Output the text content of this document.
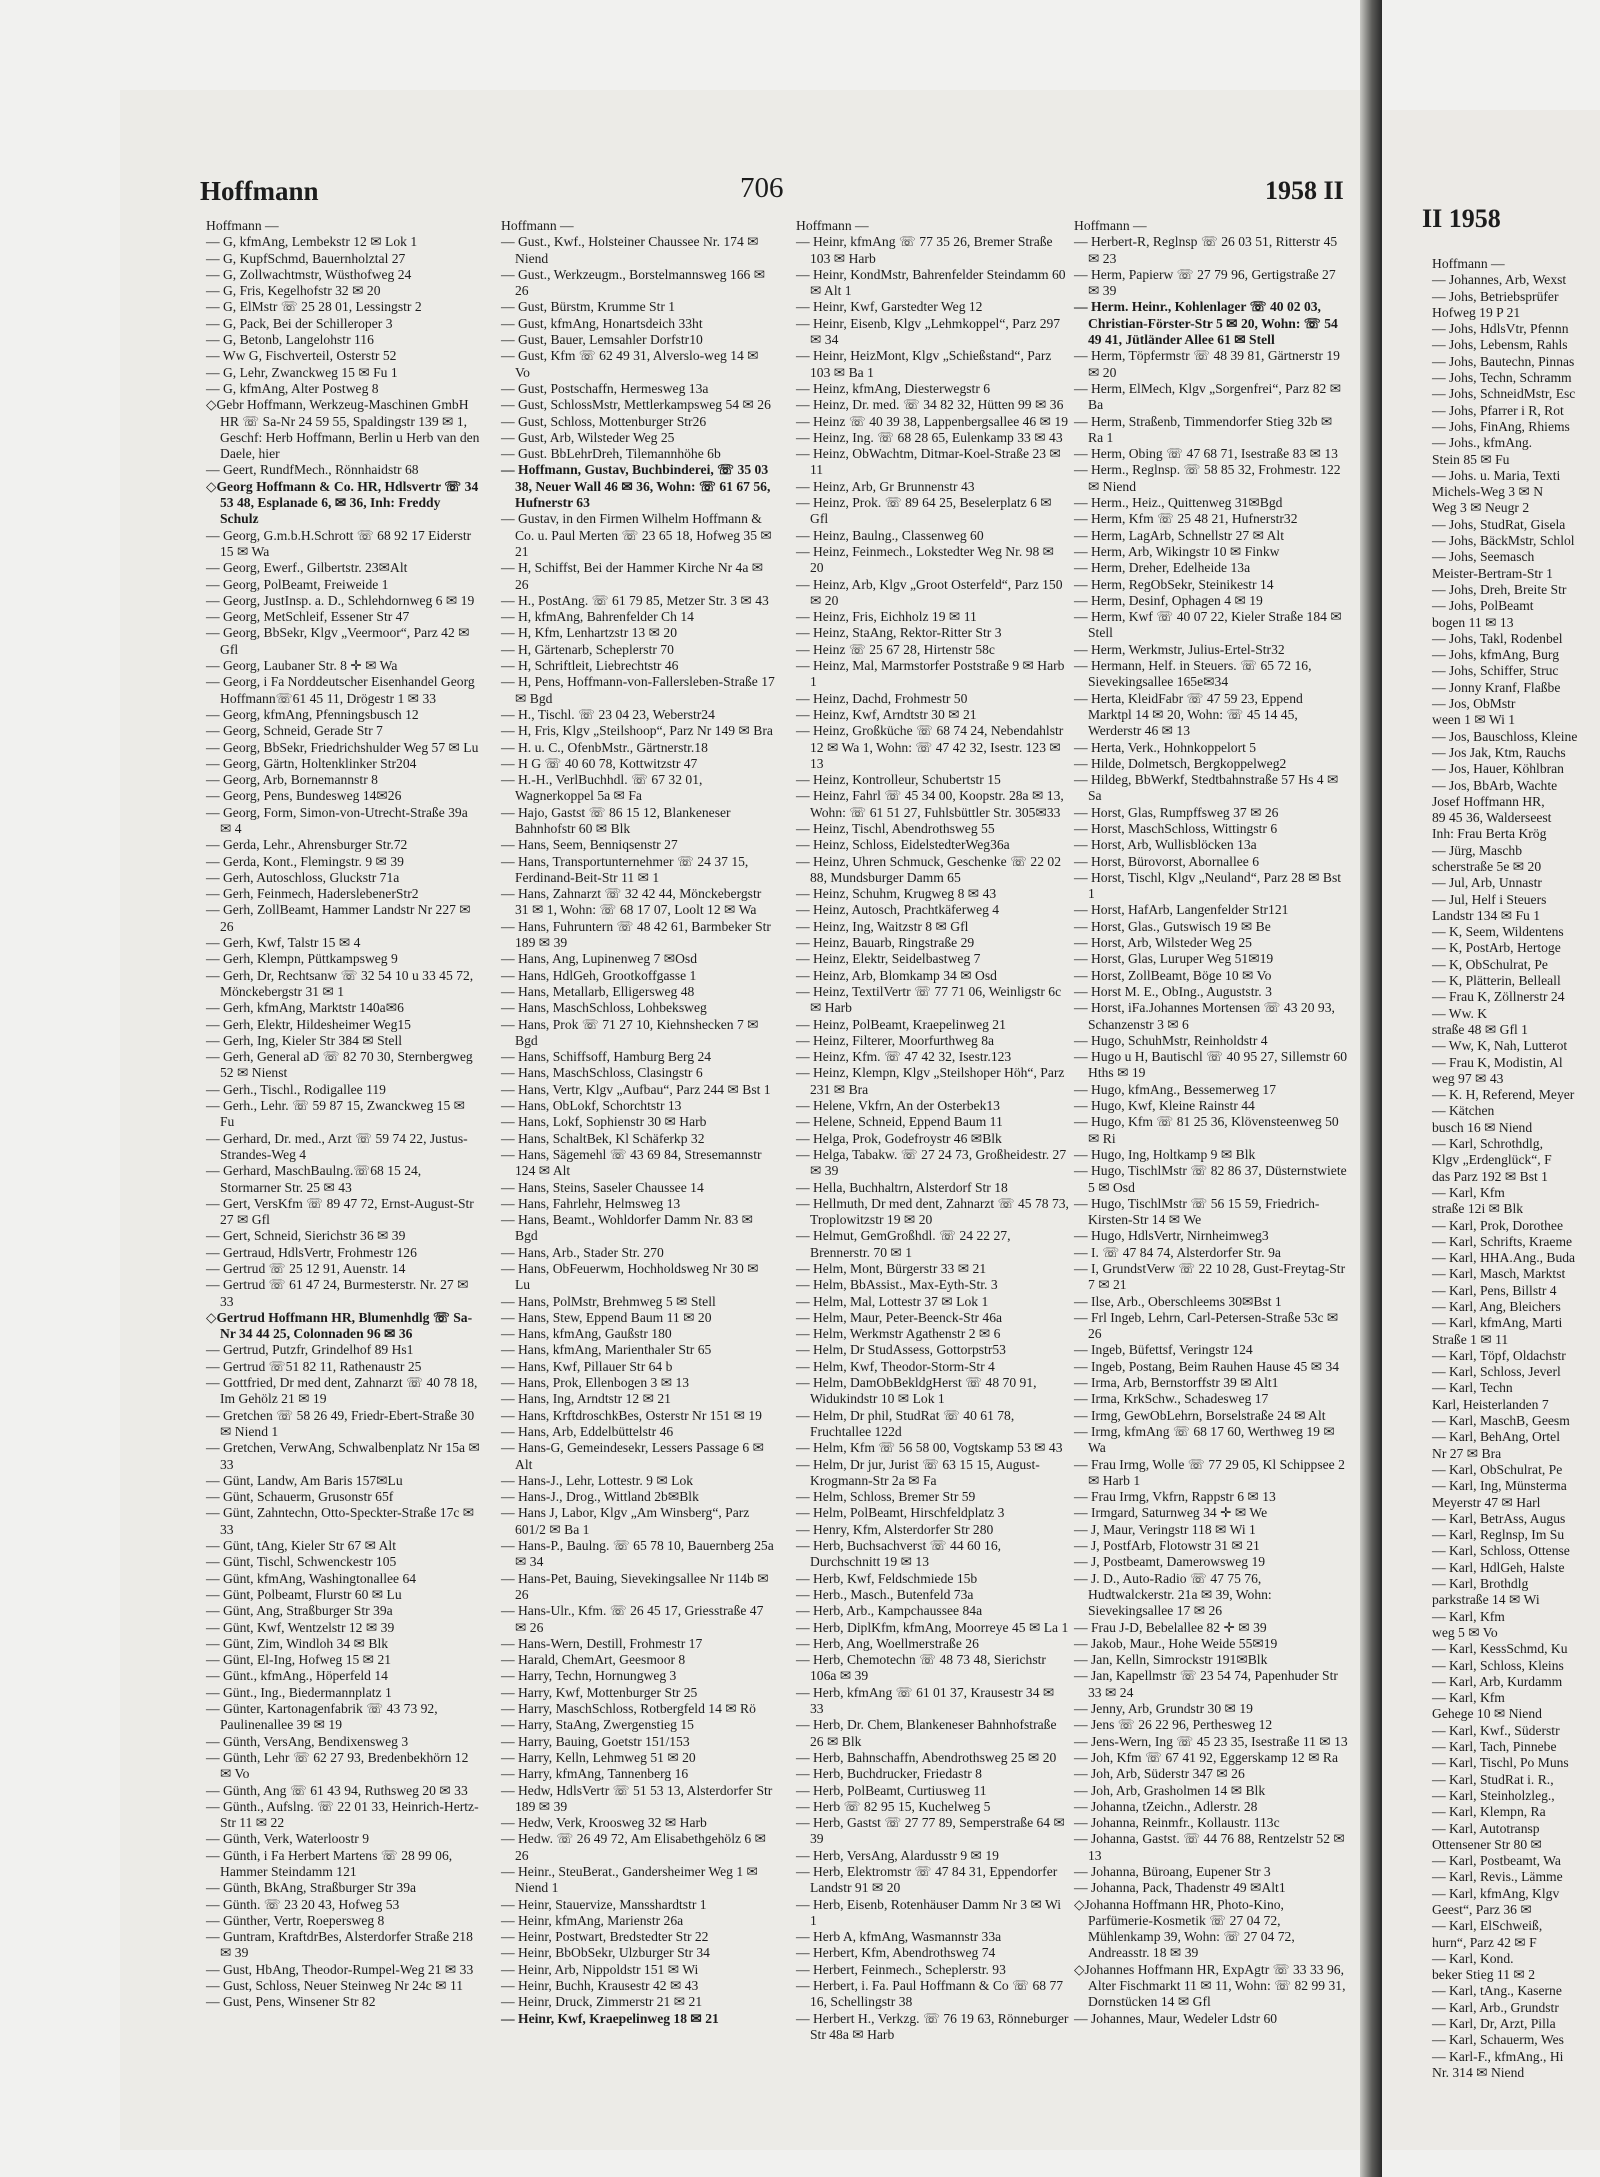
Hoffmann	706	1958 II
Hoffmann —
— G, kfmAng, Lembekstr 12 ✉ Lok 1
— G, KupfSchmd, Bauernholztal 27
— G, Zollwachtmstr, Wüsthofweg 24
— G, Fris, Kegelhofstr 32 ✉ 20
— G, ElMstr ☏ 25 28 01, Lessingstr 2
— G, Pack, Bei der Schilleroper 3
— G, Betonb, Langelohstr 116
— Ww G, Fischverteil, Osterstr 52
— G, Lehr, Zwanckweg 15 ✉ Fu 1
— G, kfmAng, Alter Postweg 8
◇ Gebr Hoffmann, Werkzeug-Maschinen GmbH HR ☏ Sa-Nr 24 59 55, Spaldingstr 139 ✉ 1, Geschf: Herb Hoffmann, Berlin u Herb van den Daele, hier
— Geert, RundfMech., Rönnhaidstr 68
◇ Georg Hoffmann & Co. HR, Hdlsvertr ☏ 34 53 48, Esplanade 6, ✉ 36, Inh: Freddy Schulz
— Georg, G.m.b.H.Schrott ☏ 68 92 17 Eiderstr 15 ✉ Wa
— Georg, Ewerf., Gilbertstr. 23✉Alt
— Georg, PolBeamt, Freiweide 1
— Georg, JustInsp. a. D., Schlehdornweg 6 ✉ 19
— Georg, MetSchleif, Essener Str 47
— Georg, BbSekr, Klgv „Veermoor“, Parz 42 ✉ Gfl
— Georg, Laubaner Str. 8 ✛ ✉ Wa
— Georg, i Fa Norddeutscher Eisenhandel Georg Hoffmann☏61 45 11, Drögestr 1 ✉ 33
— Georg, kfmAng, Pfenningsbusch 12
— Georg, Schneid, Gerade Str 7
— Georg, BbSekr, Friedrichshulder Weg 57 ✉ Lu
— Georg, Gärtn, Holtenklinker Str204
— Georg, Arb, Bornemannstr 8
— Georg, Pens, Bundesweg 14✉26
— Georg, Form, Simon-von-Utrecht-Straße 39a ✉ 4
— Gerda, Lehr., Ahrensburger Str.72
— Gerda, Kont., Flemingstr. 9 ✉ 39
— Gerh, Autoschloss, Gluckstr 71a
— Gerh, Feinmech, HaderslebenerStr2
— Gerh, ZollBeamt, Hammer Landstr Nr 227 ✉ 26
— Gerh, Kwf, Talstr 15 ✉ 4
— Gerh, Klempn, Püttkampsweg 9
— Gerh, Dr, Rechtsanw ☏ 32 54 10 u 33 45 72, Mönckebergstr 31 ✉ 1
— Gerh, kfmAng, Marktstr 140a✉6
— Gerh, Elektr, Hildesheimer Weg15
— Gerh, Ing, Kieler Str 384 ✉ Stell
— Gerh, General aD ☏ 82 70 30, Sternbergweg 52 ✉ Nienst
— Gerh., Tischl., Rodigallee 119
— Gerh., Lehr. ☏ 59 87 15, Zwanckweg 15 ✉ Fu
— Gerhard, Dr. med., Arzt ☏ 59 74 22, Justus-Strandes-Weg 4
— Gerhard, MaschBaulng.☏68 15 24, Stormarner Str. 25 ✉ 43
— Gert, VersKfm ☏ 89 47 72, Ernst-August-Str 27 ✉ Gfl
— Gert, Schneid, Sierichstr 36 ✉ 39
— Gertraud, HdlsVertr, Frohmestr 126
— Gertrud ☏ 25 12 91, Auenstr. 14
— Gertrud ☏ 61 47 24, Burmesterstr. Nr. 27 ✉ 33
◇ Gertrud Hoffmann HR, Blumenhdlg ☏ Sa-Nr 34 44 25, Colonnaden 96 ✉ 36
— Gertrud, Putzfr, Grindelhof 89 Hs1
— Gertrud ☏51 82 11, Rathenaustr 25
— Gottfried, Dr med dent, Zahnarzt ☏ 40 78 18, Im Gehölz 21 ✉ 19
— Gretchen ☏ 58 26 49, Friedr-Ebert-Straße 30 ✉ Niend 1
— Gretchen, VerwAng, Schwalbenplatz Nr 15a ✉ 33
— Günt, Landw, Am Baris 157✉Lu
— Günt, Schauerm, Grusonstr 65f
— Günt, Zahntechn, Otto-Speckter-Straße 17c ✉ 33
— Günt, tAng, Kieler Str 67 ✉ Alt
— Günt, Tischl, Schwenckestr 105
— Günt, kfmAng, Washingtonallee 64
— Günt, Polbeamt, Flurstr 60 ✉ Lu
— Günt, Ang, Straßburger Str 39a
— Günt, Kwf, Wentzelstr 12 ✉ 39
— Günt, Zim, Windloh 34 ✉ Blk
— Günt, El-Ing, Hofweg 15 ✉ 21
— Günt., kfmAng., Höperfeld 14
— Günt., Ing., Biedermannplatz 1
— Günter, Kartonagenfabrik ☏ 43 73 92, Paulinenallee 39 ✉ 19
— Günth, VersAng, Bendixensweg 3
— Günth, Lehr ☏ 62 27 93, Bredenbekhörn 12 ✉ Vo
— Günth, Ang ☏ 61 43 94, Ruthsweg 20 ✉ 33
— Günth., Aufslng. ☏ 22 01 33, Heinrich-Hertz-Str 11 ✉ 22
— Günth, Verk, Waterloostr 9
— Günth, i Fa Herbert Martens ☏ 28 99 06, Hammer Steindamm 121
— Günth, BkAng, Straßburger Str 39a
— Günth. ☏ 23 20 43, Hofweg 53
— Günther, Vertr, Roepersweg 8
— Guntram, KraftdrBes, Alsterdorfer Straße 218 ✉ 39
— Gust, HbAng, Theodor-Rumpel-Weg 21 ✉ 33
— Gust, Schloss, Neuer Steinweg Nr 24c ✉ 11
— Gust, Pens, Winsener Str 82
Hoffmann —
— Gust., Kwf., Holsteiner Chaussee Nr. 174 ✉ Niend
— Gust., Werkzeugm., Borstelmannsweg 166 ✉ 26
— Gust, Bürstm, Krumme Str 1
— Gust, kfmAng, Honartsdeich 33ht
— Gust, Bauer, Lemsahler Dorfstr10
— Gust, Kfm ☏ 62 49 31, Alverslo-weg 14 ✉ Vo
— Gust, Postschaffn, Hermesweg 13a
— Gust, SchlossMstr, Mettlerkampsweg 54 ✉ 26
— Gust, Schloss, Mottenburger Str26
— Gust, Arb, Wilsteder Weg 25
— Gust. BbLehrDreh, Tilemannhöhe 6b
— Hoffmann, Gustav, Buchbinderei, ☏ 35 03 38, Neuer Wall 46 ✉ 36, Wohn: ☏ 61 67 56, Hufnerstr 63
— Gustav, in den Firmen Wilhelm Hoffmann & Co. u. Paul Merten ☏ 23 65 18, Hofweg 35 ✉ 21
— H, Schiffst, Bei der Hammer Kirche Nr 4a ✉ 26
— H., PostAng. ☏ 61 79 85, Metzer Str. 3 ✉ 43
— H, kfmAng, Bahrenfelder Ch 14
— H, Kfm, Lenhartzstr 13 ✉ 20
— H, Gärtenarb, Scheplerstr 70
— H, Schriftleit, Liebrechtstr 46
— H, Pens, Hoffmann-von-Fallersleben-Straße 17 ✉ Bgd
— H., Tischl. ☏ 23 04 23, Weberstr24
— H, Fris, Klgv „Steilshoop“, Parz Nr 149 ✉ Bra
— H. u. C., OfenbMstr., Gärtnerstr.18
— H G ☏ 40 60 78, Kottwitzstr 47
— H.-H., VerlBuchhdl. ☏ 67 32 01, Wagnerkoppel 5a ✉ Fa
— Hajo, Gastst ☏ 86 15 12, Blankeneser Bahnhofstr 60 ✉ Blk
— Hans, Seem, Benniqsenstr 27
— Hans, Transportunternehmer ☏ 24 37 15, Ferdinand-Beit-Str 11 ✉ 1
— Hans, Zahnarzt ☏ 32 42 44, Mönckebergstr 31 ✉ 1, Wohn: ☏ 68 17 07, Loolt 12 ✉ Wa
— Hans, Fuhruntern ☏ 48 42 61, Barmbeker Str 189 ✉ 39
— Hans, Ang, Lupinenweg 7 ✉Osd
— Hans, HdlGeh, Grootkoffgasse 1
— Hans, Metallarb, Elligersweg 48
— Hans, MaschSchloss, Lohbeksweg
— Hans, Prok ☏ 71 27 10, Kiehnshecken 7 ✉ Bgd
— Hans, Schiffsoff, Hamburg Berg 24
— Hans, MaschSchloss, Clasingstr 6
— Hans, Vertr, Klgv „Aufbau“, Parz 244 ✉ Bst 1
— Hans, ObLokf, Schorchtstr 13
— Hans, Lokf, Sophienstr 30 ✉ Harb
— Hans, SchaltBek, Kl Schäferkp 32
— Hans, Sägemehl ☏ 43 69 84, Stresemannstr 124 ✉ Alt
— Hans, Steins, Saseler Chaussee 14
— Hans, Fahrlehr, Helmsweg 13
— Hans, Beamt., Wohldorfer Damm Nr. 83 ✉ Bgd
— Hans, Arb., Stader Str. 270
— Hans, ObFeuerwm, Hochholdsweg Nr 30 ✉ Lu
— Hans, PolMstr, Brehmweg 5 ✉ Stell
— Hans, Stew, Eppend Baum 11 ✉ 20
— Hans, kfmAng, Gaußstr 180
— Hans, kfmAng, Marienthaler Str 65
— Hans, Kwf, Pillauer Str 64 b
— Hans, Prok, Ellenbogen 3 ✉ 13
— Hans, Ing, Arndtstr 12 ✉ 21
— Hans, KrftdroschkBes, Osterstr Nr 151 ✉ 19
— Hans, Arb, Eddelbüttelstr 46
— Hans-G, Gemeindesekr, Lessers Passage 6 ✉ Alt
— Hans-J., Lehr, Lottestr. 9 ✉ Lok
— Hans-J., Drog., Wittland 2b✉Blk
— Hans J, Labor, Klgv „Am Winsberg“, Parz 601/2 ✉ Ba 1
— Hans-P., Baulng. ☏ 65 78 10, Bauernberg 25a ✉ 34
— Hans-Pet, Bauing, Sievekingsallee Nr 114b ✉ 26
— Hans-Ulr., Kfm. ☏ 26 45 17, Griesstraße 47 ✉ 26
— Hans-Wern, Destill, Frohmestr 17
— Harald, ChemArt, Geesmoor 8
— Harry, Techn, Hornungweg 3
— Harry, Kwf, Mottenburger Str 25
— Harry, MaschSchloss, Rotbergfeld 14 ✉ Rö
— Harry, StaAng, Zwergenstieg 15
— Harry, Bauing, Goetstr 151/153
— Harry, Kelln, Lehmweg 51 ✉ 20
— Harry, kfmAng, Tannenberg 16
— Hedw, HdlsVertr ☏ 51 53 13, Alsterdorfer Str 189 ✉ 39
— Hedw, Verk, Kroosweg 32 ✉ Harb
— Hedw. ☏ 26 49 72, Am Elisabethgehölz 6 ✉ 26
— Heinr., SteuBerat., Gandersheimer Weg 1 ✉ Niend 1
— Heinr, Stauervize, Mansshardtstr 1
— Heinr, kfmAng, Marienstr 26a
— Heinr, Postwart, Bredstedter Str 22
— Heinr, BbObSekr, Ulzburger Str 34
— Heinr, Arb, Nippoldstr 151 ✉ Wi
— Heinr, Buchh, Krausestr 42 ✉ 43
— Heinr, Druck, Zimmerstr 21 ✉ 21
— Heinr, Kwf, Kraepelinweg 18 ✉ 21
Hoffmann —
— Heinr, kfmAng ☏ 77 35 26, Bremer Straße 103 ✉ Harb
— Heinr, KondMstr, Bahrenfelder Steindamm 60 ✉ Alt 1
— Heinr, Kwf, Garstedter Weg 12
— Heinr, Eisenb, Klgv „Lehmkoppel“, Parz 297 ✉ 34
— Heinr, HeizMont, Klgv „Schießstand“, Parz 103 ✉ Ba 1
— Heinz, kfmAng, Diesterwegstr 6
— Heinz, Dr. med. ☏ 34 82 32, Hütten 99 ✉ 36
— Heinz ☏ 40 39 38, Lappenbergsallee 46 ✉ 19
— Heinz, Ing. ☏ 68 28 65, Eulenkamp 33 ✉ 43
— Heinz, ObWachtm, Ditmar-Koel-Straße 23 ✉ 11
— Heinz, Arb, Gr Brunnenstr 43
— Heinz, Prok. ☏ 89 64 25, Beselerplatz 6 ✉ Gfl
— Heinz, Baulng., Classenweg 60
— Heinz, Feinmech., Lokstedter Weg Nr. 98 ✉ 20
— Heinz, Arb, Klgv „Groot Osterfeld“, Parz 150 ✉ 20
— Heinz, Fris, Eichholz 19 ✉ 11
— Heinz, StaAng, Rektor-Ritter Str 3
— Heinz ☏ 25 67 28, Hirtenstr 58c
— Heinz, Mal, Marmstorfer Poststraße 9 ✉ Harb 1
— Heinz, Dachd, Frohmestr 50
— Heinz, Kwf, Arndtstr 30 ✉ 21
— Heinz, Großküche ☏ 68 74 24, Nebendahlstr 12 ✉ Wa 1, Wohn: ☏ 47 42 32, Isestr. 123 ✉ 13
— Heinz, Kontrolleur, Schubertstr 15
— Heinz, Fahrl ☏ 45 34 00, Koopstr. 28a ✉ 13, Wohn: ☏ 61 51 27, Fuhlsbüttler Str. 305✉33
— Heinz, Tischl, Abendrothsweg 55
— Heinz, Schloss, EidelstedterWeg36a
— Heinz, Uhren Schmuck, Geschenke ☏ 22 02 88, Mundsburger Damm 65
— Heinz, Schuhm, Krugweg 8 ✉ 43
— Heinz, Autosch, Prachtkäferweg 4
— Heinz, Ing, Waitzstr 8 ✉ Gfl
— Heinz, Bauarb, Ringstraße 29
— Heinz, Elektr, Seidelbastweg 7
— Heinz, Arb, Blomkamp 34 ✉ Osd
— Heinz, TextilVertr ☏ 77 71 06, Weinligstr 6c ✉ Harb
— Heinz, PolBeamt, Kraepelinweg 21
— Heinz, Filterer, Moorfurthweg 8a
— Heinz, Kfm. ☏ 47 42 32, Isestr.123
— Heinz, Klempn, Klgv „Steilshoper Höh“, Parz 231 ✉ Bra
— Helene, Vkfrn, An der Osterbek13
— Helene, Schneid, Eppend Baum 11
— Helga, Prok, Godefroystr 46 ✉Blk
— Helga, Tabakw. ☏ 27 24 73, Großheidestr. 27 ✉ 39
— Hella, Buchhaltrn, Alsterdorf Str 18
— Hellmuth, Dr med dent, Zahnarzt ☏ 45 78 73, Troplowitzstr 19 ✉ 20
— Helmut, GemGroßhdl. ☏ 24 22 27, Brennerstr. 70 ✉ 1
— Helm, Mont, Bürgerstr 33 ✉ 21
— Helm, BbAssist., Max-Eyth-Str. 3
— Helm, Mal, Lottestr 37 ✉ Lok 1
— Helm, Maur, Peter-Beenck-Str 46a
— Helm, Werkmstr Agathenstr 2 ✉ 6
— Helm, Dr StudAssess, Gottorpstr53
— Helm, Kwf, Theodor-Storm-Str 4
— Helm, DamObBekldgHerst ☏ 48 70 91, Widukindstr 10 ✉ Lok 1
— Helm, Dr phil, StudRat ☏ 40 61 78, Fruchtallee 122d
— Helm, Kfm ☏ 56 58 00, Vogtskamp 53 ✉ 43
— Helm, Dr jur, Jurist ☏ 63 15 15, August-Krogmann-Str 2a ✉ Fa
— Helm, Schloss, Bremer Str 59
— Helm, PolBeamt, Hirschfeldplatz 3
— Henry, Kfm, Alsterdorfer Str 280
— Herb, Buchsachverst ☏ 44 60 16, Durchschnitt 19 ✉ 13
— Herb, Kwf, Feldschmiede 15b
— Herb., Masch., Butenfeld 73a
— Herb, Arb., Kampchaussee 84a
— Herb, DiplKfm, kfmAng, Moorreye 45 ✉ La 1
— Herb, Ang, Woellmerstraße 26
— Herb, Chemotechn ☏ 48 73 48, Sierichstr 106a ✉ 39
— Herb, kfmAng ☏ 61 01 37, Krausestr 34 ✉ 33
— Herb, Dr. Chem, Blankeneser Bahnhofstraße 26 ✉ Blk
— Herb, Bahnschaffn, Abendrothsweg 25 ✉ 20
— Herb, Buchdrucker, Friedastr 8
— Herb, PolBeamt, Curtiusweg 11
— Herb ☏ 82 95 15, Kuchelweg 5
— Herb, Gastst ☏ 27 77 89, Semperstraße 64 ✉ 39
— Herb, VersAng, Alardusstr 9 ✉ 19
— Herb, Elektromstr ☏ 47 84 31, Eppendorfer Landstr 91 ✉ 20
— Herb, Eisenb, Rotenhäuser Damm Nr 3 ✉ Wi 1
— Herb A, kfmAng, Wasmannstr 33a
— Herbert, Kfm, Abendrothsweg 74
— Herbert, Feinmech., Scheplerstr. 93
— Herbert, i. Fa. Paul Hoffmann & Co ☏ 68 77 16, Schellingstr 38
— Herbert H., Verkzg. ☏ 76 19 63, Rönneburger Str 48a ✉ Harb
Hoffmann —
— Herbert-R, Reglnsp ☏ 26 03 51, Ritterstr 45 ✉ 23
— Herm, Papierw ☏ 27 79 96, Gertigstraße 27 ✉ 39
— Herm. Heinr., Kohlenlager ☏ 40 02 03, Christian-Förster-Str 5 ✉ 20, Wohn: ☏ 54 49 41, Jütländer Allee 61 ✉ Stell
— Herm, Töpfermstr ☏ 48 39 81, Gärtnerstr 19 ✉ 20
— Herm, ElMech, Klgv „Sorgenfrei“, Parz 82 ✉ Ba
— Herm, Straßenb, Timmendorfer Stieg 32b ✉ Ra 1
— Herm, Obing ☏ 47 68 71, Isestraße 83 ✉ 13
— Herm., Reglnsp. ☏ 58 85 32, Frohmestr. 122 ✉ Niend
— Herm., Heiz., Quittenweg 31✉Bgd
— Herm, Kfm ☏ 25 48 21, Hufnerstr32
— Herm, LagArb, Schnellstr 27 ✉ Alt
— Herm, Arb, Wikingstr 10 ✉ Finkw
— Herm, Dreher, Edelheide 13a
— Herm, RegObSekr, Steinikestr 14
— Herm, Desinf, Ophagen 4 ✉ 19
— Herm, Kwf ☏ 40 07 22, Kieler Straße 184 ✉ Stell
— Herm, Werkmstr, Julius-Ertel-Str32
— Hermann, Helf. in Steuers. ☏ 65 72 16, Sievekingsallee 165e✉34
— Herta, KleidFabr ☏ 47 59 23, Eppend Marktpl 14 ✉ 20, Wohn: ☏ 45 14 45, Werderstr 46 ✉ 13
— Herta, Verk., Hohnkoppelort 5
— Hilde, Dolmetsch, Bergkoppelweg2
— Hildeg, BbWerkf, Stedtbahnstraße 57 Hs 4 ✉ Sa
— Horst, Glas, Rumpffsweg 37 ✉ 26
— Horst, MaschSchloss, Wittingstr 6
— Horst, Arb, Wullisblöcken 13a
— Horst, Bürovorst, Abornallee 6
— Horst, Tischl, Klgv „Neuland“, Parz 28 ✉ Bst 1
— Horst, HafArb, Langenfelder Str121
— Horst, Glas., Gutswisch 19 ✉ Be
— Horst, Arb, Wilsteder Weg 25
— Horst, Glas, Luruper Weg 51✉19
— Horst, ZollBeamt, Böge 10 ✉ Vo
— Horst M. E., ObIng., Auguststr. 3
— Horst, iFa.Johannes Mortensen ☏ 43 20 93, Schanzenstr 3 ✉ 6
— Hugo, SchuhMstr, Reinholdstr 4
— Hugo u H, Bautischl ☏ 40 95 27, Sillemstr 60 Hths ✉ 19
— Hugo, kfmAng., Bessemerweg 17
— Hugo, Kwf, Kleine Rainstr 44
— Hugo, Kfm ☏ 81 25 36, Klövensteenweg 50 ✉ Ri
— Hugo, Ing, Holtkamp 9 ✉ Blk
— Hugo, TischlMstr ☏ 82 86 37, Düsternstwiete 5 ✉ Osd
— Hugo, TischlMstr ☏ 56 15 59, Friedrich-Kirsten-Str 14 ✉ We
— Hugo, HdlsVertr, Nirnheimweg3
— I. ☏ 47 84 74, Alsterdorfer Str. 9a
— I, GrundstVerw ☏ 22 10 28, Gust-Freytag-Str 7 ✉ 21
— Ilse, Arb., Oberschleems 30✉Bst 1
— Frl Ingeb, Lehrn, Carl-Petersen-Straße 53c ✉ 26
— Ingeb, Büfettsf, Veringstr 124
— Ingeb, Postang, Beim Rauhen Hause 45 ✉ 34
— Irma, Arb, Bernstorffstr 39 ✉ Alt1
— Irma, KrkSchw., Schadesweg 17
— Irmg, GewObLehrn, Borselstraße 24 ✉ Alt
— Irmg, kfmAng ☏ 68 17 60, Werthweg 19 ✉ Wa
— Frau Irmg, Wolle ☏ 77 29 05, Kl Schippsee 2 ✉ Harb 1
— Frau Irmg, Vkfrn, Rappstr 6 ✉ 13
— Irmgard, Saturnweg 34 ✛ ✉ We
— J, Maur, Veringstr 118 ✉ Wi 1
— J, PostfArb, Flotowstr 31 ✉ 21
— J, Postbeamt, Damerowsweg 19
— J. D., Auto-Radio ☏ 47 75 76, Hudtwalckerstr. 21a ✉ 39, Wohn: Sievekingsallee 17 ✉ 26
— Frau J-D, Bebelallee 82 ✛ ✉ 39
— Jakob, Maur., Hohe Weide 55✉19
— Jan, Kelln, Simrockstr 191✉Blk
— Jan, Kapellmstr ☏ 23 54 74, Papenhuder Str 33 ✉ 24
— Jenny, Arb, Grundstr 30 ✉ 19
— Jens ☏ 26 22 96, Perthesweg 12
— Jens-Wern, Ing ☏ 45 23 35, Isestraße 11 ✉ 13
— Joh, Kfm ☏ 67 41 92, Eggerskamp 12 ✉ Ra
— Joh, Arb, Süderstr 347 ✉ 26
— Joh, Arb, Grasholmen 14 ✉ Blk
— Johanna, tZeichn., Adlerstr. 28
— Johanna, Reinmfr., Kollaustr. 113c
— Johanna, Gastst. ☏ 44 76 88, Rentzelstr 52 ✉ 13
— Johanna, Büroang, Eupener Str 3
— Johanna, Pack, Thadenstr 49 ✉Alt1
◇ Johanna Hoffmann HR, Photo-Kino, Parfümerie-Kosmetik ☏ 27 04 72, Mühlenkamp 39, Wohn: ☏ 27 04 72, Andreasstr. 18 ✉ 39
◇ Johannes Hoffmann HR, ExpAgtr ☏ 33 33 96, Alter Fischmarkt 11 ✉ 11, Wohn: ☏ 82 99 31, Dornstücken 14 ✉ Gfl
— Johannes, Maur, Wedeler Ldstr 60
II 1958
Hoffmann —
— Johannes, Arb, Wexst
— Johs, Betriebsprüfer
Hofweg 19 P 21
— Johs, HdlsVtr, Pfennn
— Johs, Lebensm, Rahls
— Johs, Bautechn, Pinnas
— Johs, Techn, Schramm
— Johs, SchneidMstr, Esc
— Johs, Pfarrer i R, Rot
— Johs, FinAng, Rhiems
— Johs., kfmAng.
Stein 85 ✉ Fu
— Johs. u. Maria, Texti
Michels-Weg 3 ✉ N
Weg 3 ✉ Neugr 2
— Johs, StudRat, Gisela
— Johs, BäckMstr, Schlol
— Johs, Seemasch
Meister-Bertram-Str 1
— Johs, Dreh, Breite Str
— Johs, PolBeamt
bogen 11 ✉ 13
— Johs, Takl, Rodenbel
— Johs, kfmAng, Burg
— Johs, Schiffer, Struc
— Jonny Kranf, Flaßbe
— Jos, ObMstr
ween 1 ✉ Wi 1
— Jos, Bauschloss, Kleine
— Jos Jak, Ktm, Rauchs
— Jos, Hauer, Köhlbran
— Jos, BbArb, Wachte
Josef Hoffmann HR,
89 45 36, Walderseest
Inh: Frau Berta Krög
— Jürg, Maschb
scherstraße 5e ✉ 20
— Jul, Arb, Unnastr
— Jul, Helf i Steuers
Landstr 134 ✉ Fu 1
— K, Seem, Wildentens
— K, PostArb, Hertoge
— K, ObSchulrat, Pe
— K, Plätterin, Belleall
— Frau K, Zöllnerstr 24
— Ww. K
straße 48 ✉ Gfl 1
— Ww, K, Nah, Lutterot
— Frau K, Modistin, Al
weg 97 ✉ 43
— K. H, Referend, Meyer
— Kätchen
busch 16 ✉ Niend
— Karl, Schrothdlg,
Klgv „Erdenglück“, F
das Parz 192 ✉ Bst 1
— Karl, Kfm
straße 12i ✉ Blk
— Karl, Prok, Dorothee
— Karl, Schrifts, Kraeme
— Karl, HHA.Ang., Buda
— Karl, Masch, Marktst
— Karl, Pens, Billstr 4
— Karl, Ang, Bleichers
— Karl, kfmAng, Marti
Straße 1 ✉ 11
— Karl, Töpf, Oldachstr
— Karl, Schloss, Jeverl
— Karl, Techn
Karl, Heisterlanden 7
— Karl, MaschB, Geesm
— Karl, BehAng, Ortel
Nr 27 ✉ Bra
— Karl, ObSchulrat, Pe
— Karl, Ing, Münsterma
Meyerstr 47 ✉ Harl
— Karl, BetrAss, Augus
— Karl, Reglnsp, Im Su
— Karl, Schloss, Ottense
— Karl, HdlGeh, Halste
— Karl, Brothdlg
parkstraße 14 ✉ Wi
— Karl, Kfm
weg 5 ✉ Vo
— Karl, KessSchmd, Ku
— Karl, Schloss, Kleins
— Karl, Arb, Kurdamm
— Karl, Kfm
Gehege 10 ✉ Niend
— Karl, Kwf., Süderstr
— Karl, Tach, Pinnebe
— Karl, Tischl, Po Muns
— Karl, StudRat i. R.,
— Karl, Steinholzleg.,
— Karl, Klempn, Ra
— Karl, Autotransp
Ottensener Str 80 ✉
— Karl, Postbeamt, Wa
— Karl, Revis., Lämme
— Karl, kfmAng, Klgv
Geest“, Parz 36 ✉
— Karl, ElSchweiß,
hurn“, Parz 42 ✉ F
— Karl, Kond.
beker Stieg 11 ✉ 2
— Karl, tAng., Kaserne
— Karl, Arb., Grundstr
— Karl, Dr, Arzt, Pilla
— Karl, Schauerm, Wes
— Karl-F., kfmAng., Hi
Nr. 314 ✉ Niend
